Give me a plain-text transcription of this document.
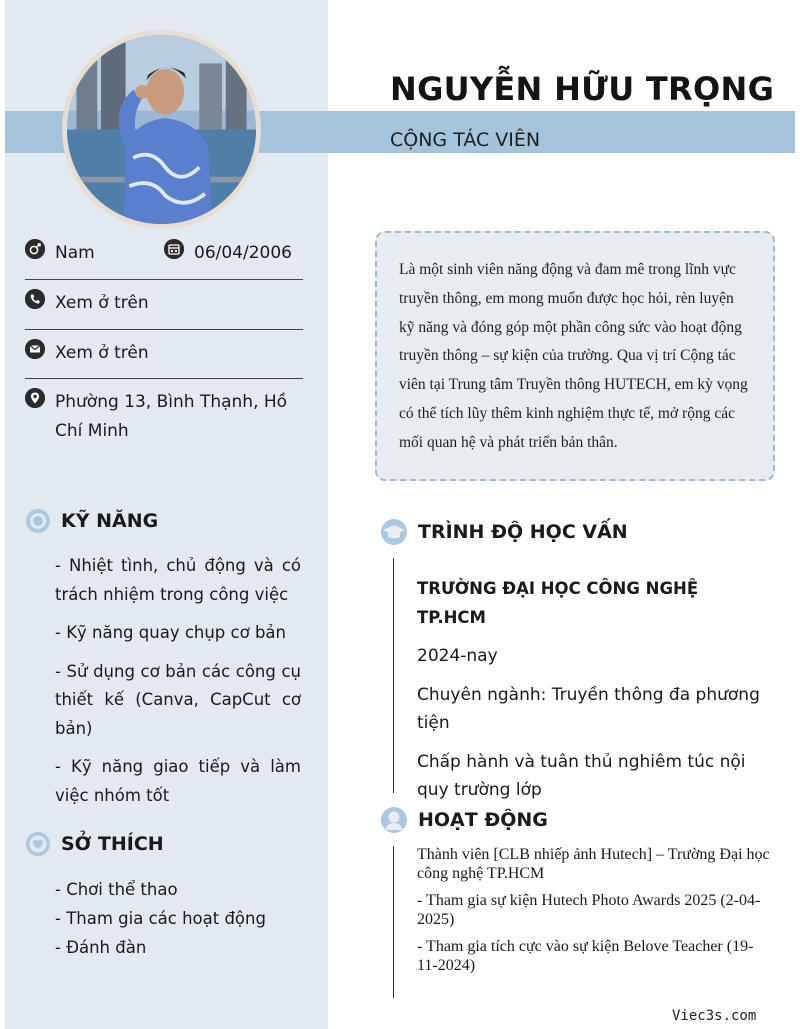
NGUYỄN HỮU TRỌNG
CỘNG TÁC VIÊN
Nam	06/04/2006
Xem ở trên
Xem ở trên
Phường 13, Bình Thạnh, Hồ Chí Minh
KỸ NĂNG

- Nhiệt tình, chủ động và có trách nhiệm trong công việc

- Kỹ năng quay chụp cơ bản

- Sử dụng cơ bản các công cụ thiết kế (Canva, CapCut cơ bản)

- Kỹ năng giao tiếp và làm việc nhóm tốt

SỞ THÍCH
- Chơi thể thao
- Tham gia các hoạt động
- Đánh đàn
Là một sinh viên năng động và đam mê trong lĩnh vực truyền thông, em mong muốn được học hỏi, rèn luyện kỹ năng và đóng góp một phần công sức vào hoạt động truyền thông – sự kiện của trường. Qua vị trí Cộng tác viên tại Trung tâm Truyền thông HUTECH, em kỳ vọng có thể tích lũy thêm kinh nghiệm thực tế, mở rộng các mối quan hệ và phát triển bản thân.
TRÌNH ĐỘ HỌC VẤN
TRƯỜNG ĐẠI HỌC CÔNG NGHỆ TP.HCM

2024-nay

Chuyên ngành: Truyền thông đa phương tiện

Chấp hành và tuân thủ nghiêm túc nội quy trường lớp

HOẠT ĐỘNG

Thành viên [CLB nhiếp ảnh Hutech] – Trường Đại học công nghệ TP.HCM

- Tham gia sự kiện Hutech Photo Awards 2025 (2-04-2025)

- Tham gia tích cực vào sự kiện Belove Teacher (19-11-2024)

Viec3s.com
